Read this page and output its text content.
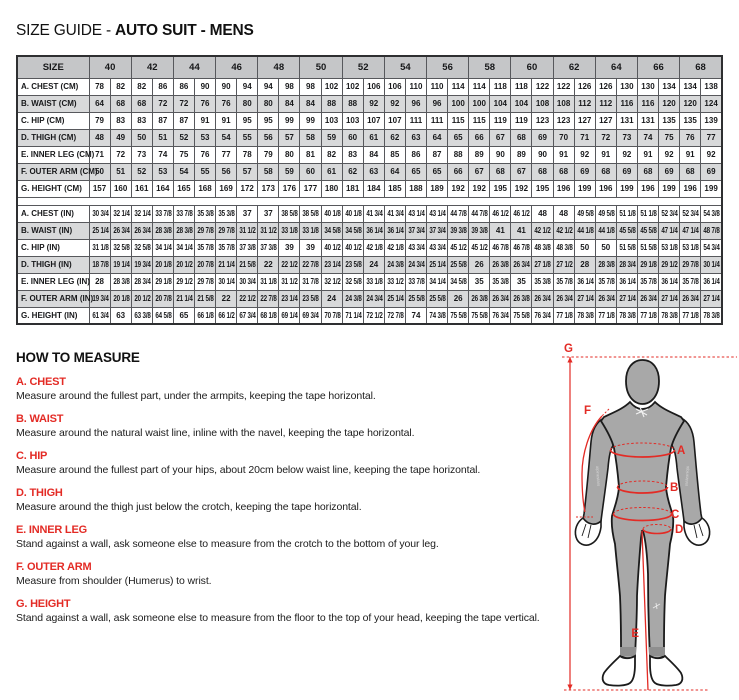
SIZE GUIDE - AUTO SUIT - MENS
SIZE	40		42		44		46		48		50		52		54		56		58		60		62		64		66		68	
A. CHEST (CM)	78	82	82	86	86	90	90	94	94	98	98	102	102	106	106	110	110	114	114	118	118	122	122	126	126	130	130	134	134	138
B. WAIST (CM)	64	68	68	72	72	76	76	80	80	84	84	88	88	92	92	96	96	100	100	104	104	108	108	112	112	116	116	120	120	124
C. HIP (CM)	79	83	83	87	87	91	91	95	95	99	99	103	103	107	107	111	111	115	115	119	119	123	123	127	127	131	131	135	135	139
D. THIGH (CM)	48	49	50	51	52	53	54	55	56	57	58	59	60	61	62	63	64	65	66	67	68	69	70	71	72	73	74	75	76	77
E. INNER LEG (CM)	71	72	73	74	75	76	77	78	79	80	81	82	83	84	85	86	87	88	89	90	89	90	91	92	91	92	91	92	91	92
F. OUTER ARM (CM)	50	51	52	53	54	55	56	57	58	59	60	61	62	63	64	65	65	66	67	68	67	68	68	69	68	69	68	69	68	69
G. HEIGHT (CM)	157	160	161	164	165	168	169	172	173	176	177	180	181	184	185	188	189	192	192	195	192	195	196	199	196	199	196	199	196	199

A. CHEST (IN)	30 3/4	32 1/4	32 1/4	33 7/8	33 7/8	35 3/8	35 3/8	37	37	38 5/8	38 5/8	40 1/8	40 1/8	41 3/4	41 3/4	43 1/4	43 1/4	44 7/8	44 7/8	46 1/2	46 1/2	48	48	49 5/8	49 5/8	51 1/8	51 1/8	52 3/4	52 3/4	54 3/8
B. WAIST (IN)	25 1/4	26 3/4	26 3/4	28 3/8	28 3/8	29 7/8	29 7/8	31 1/2	31 1/2	33 1/8	33 1/8	34 5/8	34 5/8	36 1/4	36 1/4	37 3/4	37 3/4	39 3/8	39 3/8	41	41	42 1/2	42 1/2	44 1/8	44 1/8	45 5/8	45 5/8	47 1/4	47 1/4	48 7/8
C. HIP (IN)	31 1/8	32 5/8	32 5/8	34 1/4	34 1/4	35 7/8	35 7/8	37 3/8	37 3/8	39	39	40 1/2	40 1/2	42 1/8	42 1/8	43 3/4	43 3/4	45 1/2	45 1/2	46 7/8	46 7/8	48 3/8	48 3/8	50	50	51 5/8	51 5/8	53 1/8	53 1/8	54 3/4
D. THIGH (IN)	18 7/8	19 1/4	19 3/4	20 1/8	20 1/2	20 7/8	21 1/4	21 5/8	22	22 1/2	22 7/8	23 1/4	23 5/8	24	24 3/8	24 3/4	25 1/4	25 5/8	26	26 3/8	26 3/4	27 1/8	27 1/2	28	28 3/8	28 3/4	29 1/8	29 1/2	29 7/8	30 1/4
E. INNER LEG (IN)	28	28 3/8	28 3/4	29 1/8	29 1/2	29 7/8	30 1/4	30 3/4	31 1/8	31 1/2	31 7/8	32 1/2	32 5/8	33 1/8	33 1/2	33 7/8	34 1/4	34 5/8	35	35 3/8	35	35 3/8	35 7/8	36 1/4	35 7/8	36 1/4	35 7/8	36 1/4	35 7/8	36 1/4
F. OUTER ARM (IN)	19 3/4	20 1/8	20 1/2	20 7/8	21 1/4	21 5/8	22	22 1/2	22 7/8	23 1/4	23 5/8	24	24 3/8	24 3/4	25 1/4	25 5/8	25 5/8	26	26 3/8	26 3/4	26 3/8	26 3/4	26 3/4	27 1/4	26 3/4	27 1/4	26 3/4	27 1/4	26 3/4	27 1/4
G. HEIGHT (IN)	61 3/4	63	63 3/8	64 5/8	65	66 1/8	66 1/2	67 3/4	68 1/8	69 1/4	69 3/4	70 7/8	71 1/4	72 1/2	72 7/8	74	74 3/8	75 5/8	75 5/8	76 3/4	75 5/8	76 3/4	77 1/8	78 3/8	77 1/8	78 3/8	77 1/8	78 3/8	77 1/8	78 3/8
HOW TO MEASURE
A. CHEST

Measure around the fullest part, under the armpits, keeping the tape horizontal.

B. WAIST

Measure around the natural waist line, inline with the navel, keeping the tape horizontal.

C. HIP

Measure around the fullest part of your hips, about 20cm below waist line, keeping the tape horizontal.

D. THIGH

Measure around the thigh just below the crotch, keeping the tape horizontal.

E. INNER LEG

Stand against a wall, ask someone else to measure from the crotch to the bottom of your leg.

F. OUTER ARM

Measure from shoulder (Humerus) to wrist.

G. HEIGHT

Stand against a wall, ask someone else to measure from the floor to the top of your head, keeping the tape vertical.

alpinestars	alpinestars
G
F
A
B
C
D
E
